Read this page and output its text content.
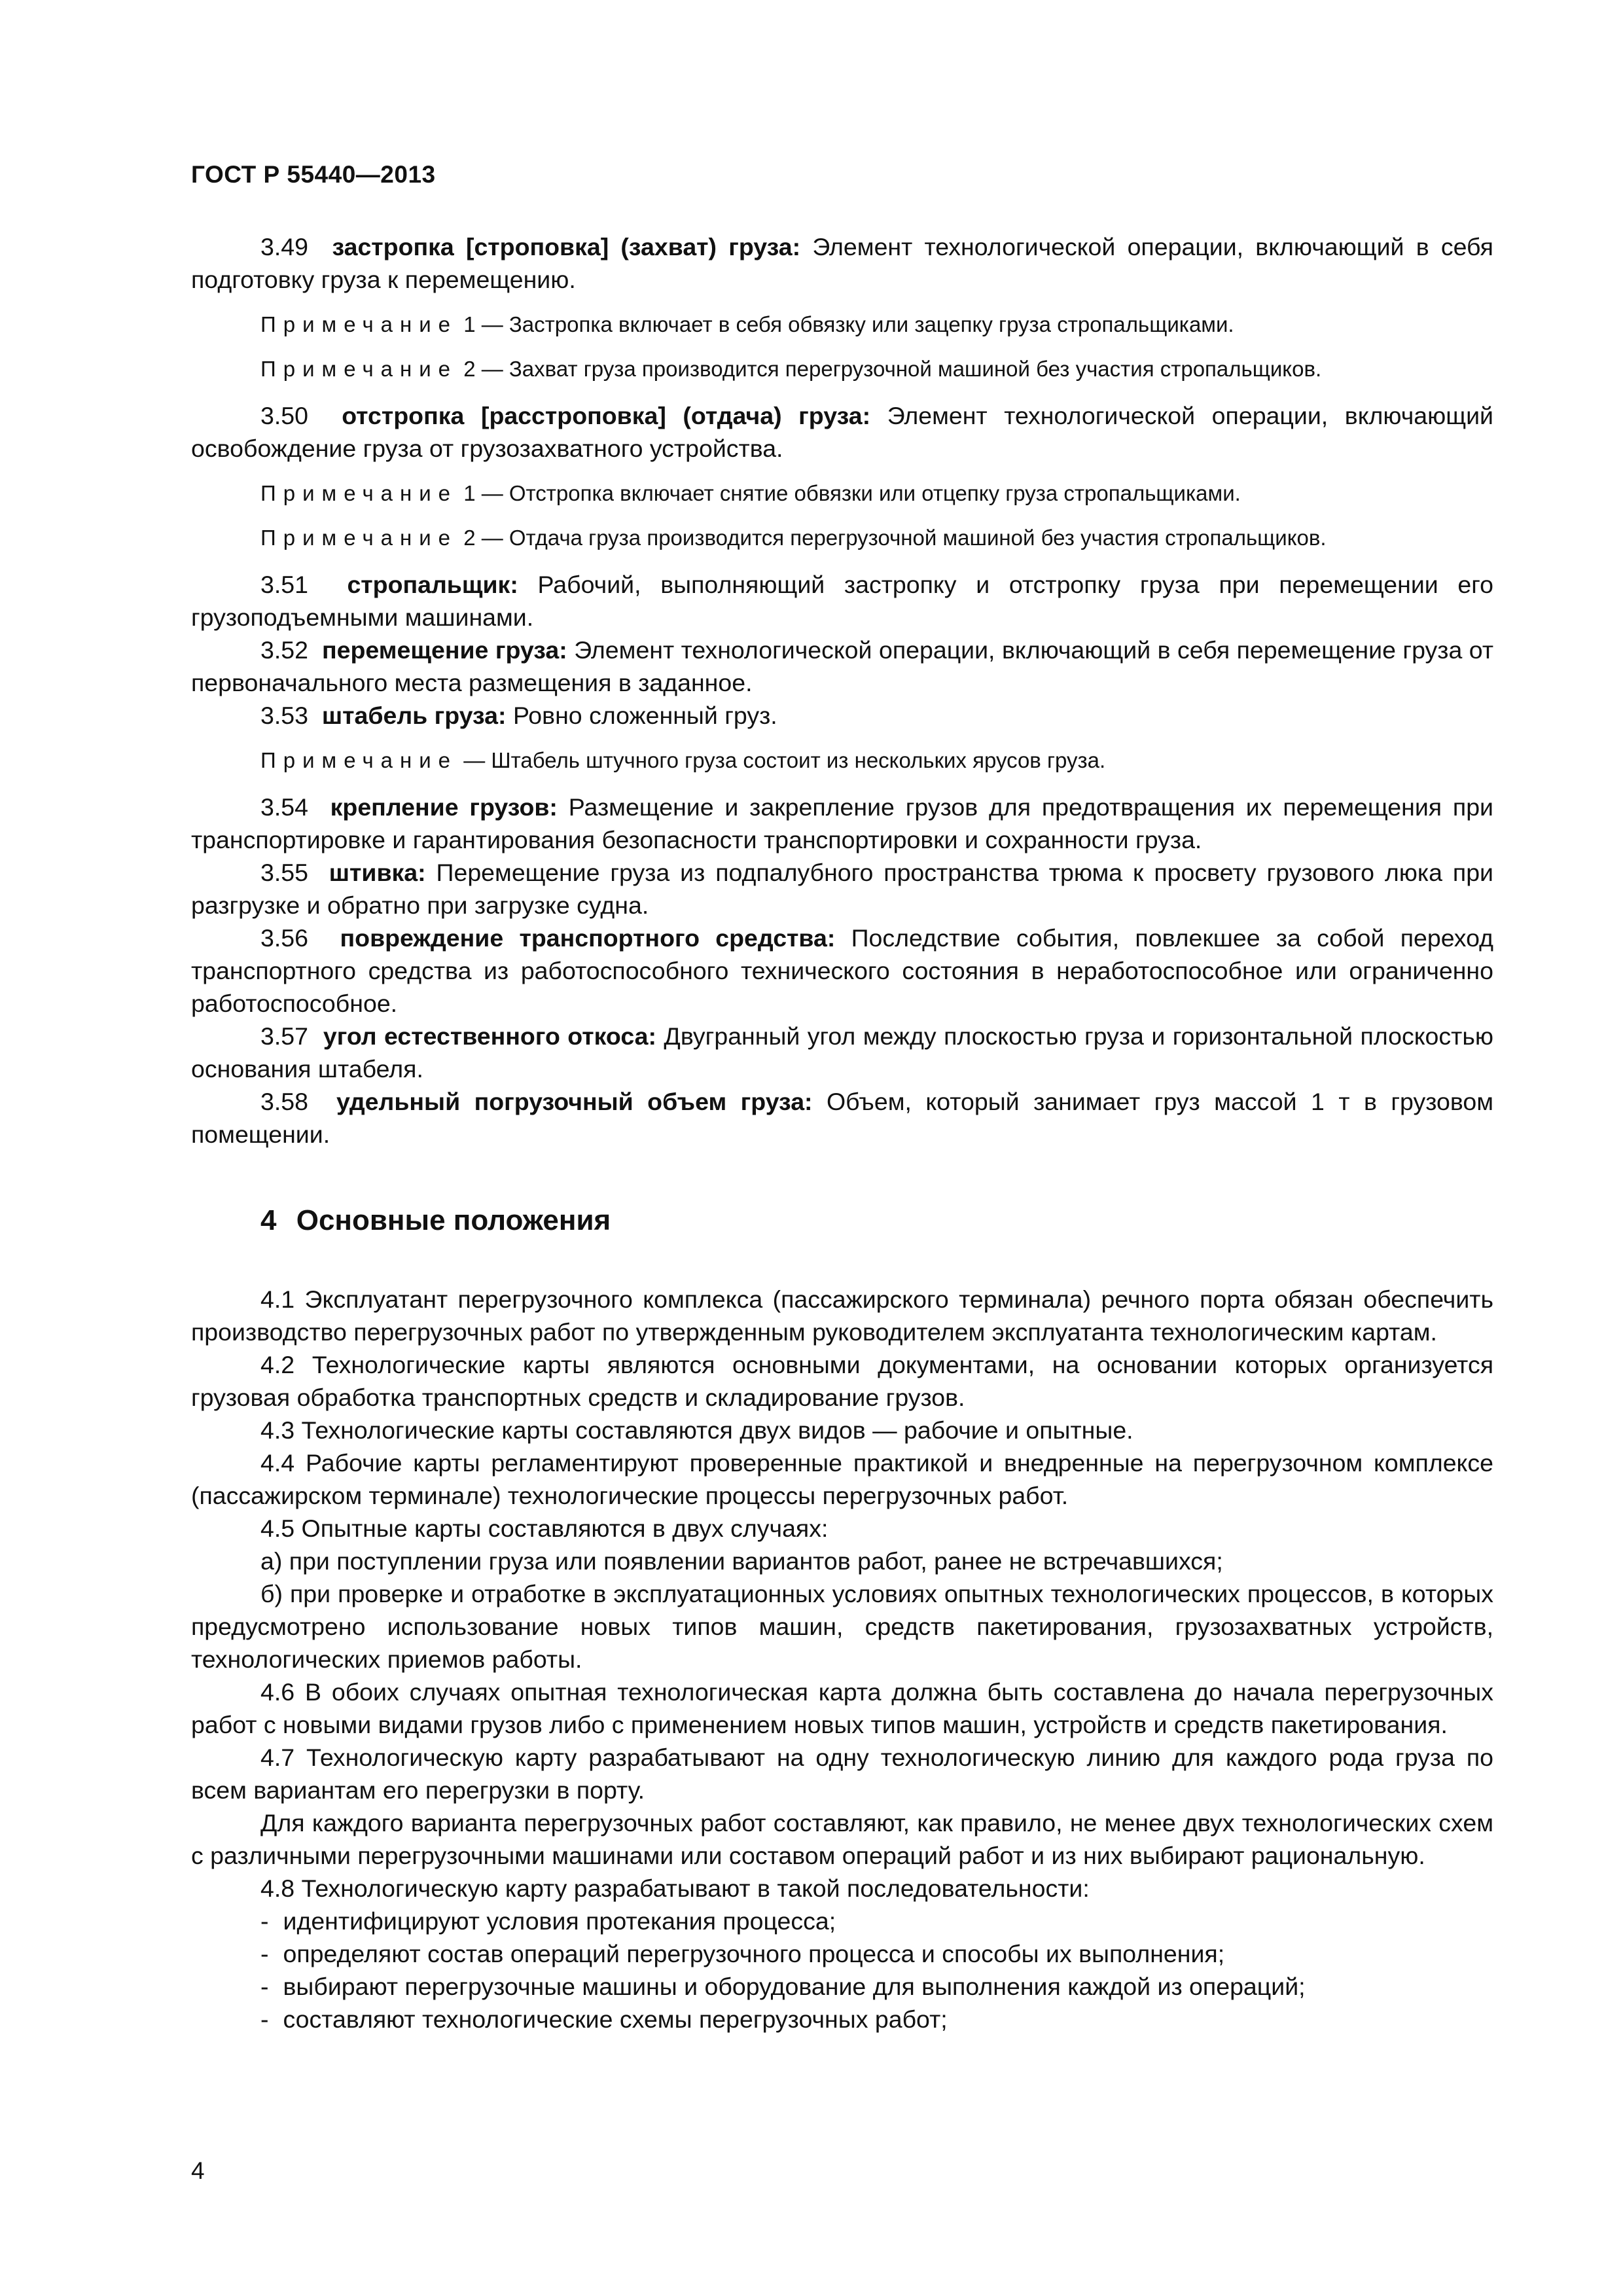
ГОСТ Р 55440—2013

3.49 застропка [строповка] (захват) груза: Элемент технологической операции, включающий в себя подготовку груза к перемещению.

Примечание 1 — Застропка включает в себя обвязку или зацепку груза стропальщиками.

Примечание 2 — Захват груза производится перегрузочной машиной без участия стропальщиков.

3.50 отстропка [расстроповка] (отдача) груза: Элемент технологической операции, включающий освобождение груза от грузозахватного устройства.

Примечание 1 — Отстропка включает снятие обвязки или отцепку груза стропальщиками.

Примечание 2 — Отдача груза производится перегрузочной машиной без участия стропальщиков.

3.51 стропальщик: Рабочий, выполняющий застропку и отстропку груза при перемещении его грузоподъемными машинами.

3.52 перемещение груза: Элемент технологической операции, включающий в себя перемещение груза от первоначального места размещения в заданное.

3.53 штабель груза: Ровно сложенный груз.

Примечание — Штабель штучного груза состоит из нескольких ярусов груза.

3.54 крепление грузов: Размещение и закрепление грузов для предотвращения их перемещения при транспортировке и гарантирования безопасности транспортировки и сохранности груза.

3.55 штивка: Перемещение груза из подпалубного пространства трюма к просвету грузового люка при разгрузке и обратно при загрузке судна.

3.56 повреждение транспортного средства: Последствие события, повлекшее за собой переход транспортного средства из работоспособного технического состояния в неработоспособное или ограниченно работоспособное.

3.57 угол естественного откоса: Двугранный угол между плоскостью груза и горизонтальной плоскостью основания штабеля.

3.58 удельный погрузочный объем груза: Объем, который занимает груз массой 1 т в грузовом помещении.

4 Основные положения

4.1 Эксплуатант перегрузочного комплекса (пассажирского терминала) речного порта обязан обеспечить производство перегрузочных работ по утвержденным руководителем эксплуатанта технологическим картам.

4.2 Технологические карты являются основными документами, на основании которых организуется грузовая обработка транспортных средств и складирование грузов.

4.3 Технологические карты составляются двух видов — рабочие и опытные.

4.4 Рабочие карты регламентируют проверенные практикой и внедренные на перегрузочном комплексе (пассажирском терминале) технологические процессы перегрузочных работ.

4.5 Опытные карты составляются в двух случаях:

а) при поступлении груза или появлении вариантов работ, ранее не встречавшихся;

б) при проверке и отработке в эксплуатационных условиях опытных технологических процессов, в которых предусмотрено использование новых типов машин, средств пакетирования, грузозахватных устройств, технологических приемов работы.

4.6 В обоих случаях опытная технологическая карта должна быть составлена до начала перегрузочных работ с новыми видами грузов либо с применением новых типов машин, устройств и средств пакетирования.

4.7 Технологическую карту разрабатывают на одну технологическую линию для каждого рода груза по всем вариантам его перегрузки в порту.

Для каждого варианта перегрузочных работ составляют, как правило, не менее двух технологических схем с различными перегрузочными машинами или составом операций работ и из них выбирают рациональную.

4.8 Технологическую карту разрабатывают в такой последовательности:

- идентифицируют условия протекания процесса;

- определяют состав операций перегрузочного процесса и способы их выполнения;

- выбирают перегрузочные машины и оборудование для выполнения каждой из операций;

- составляют технологические схемы перегрузочных работ;

4
